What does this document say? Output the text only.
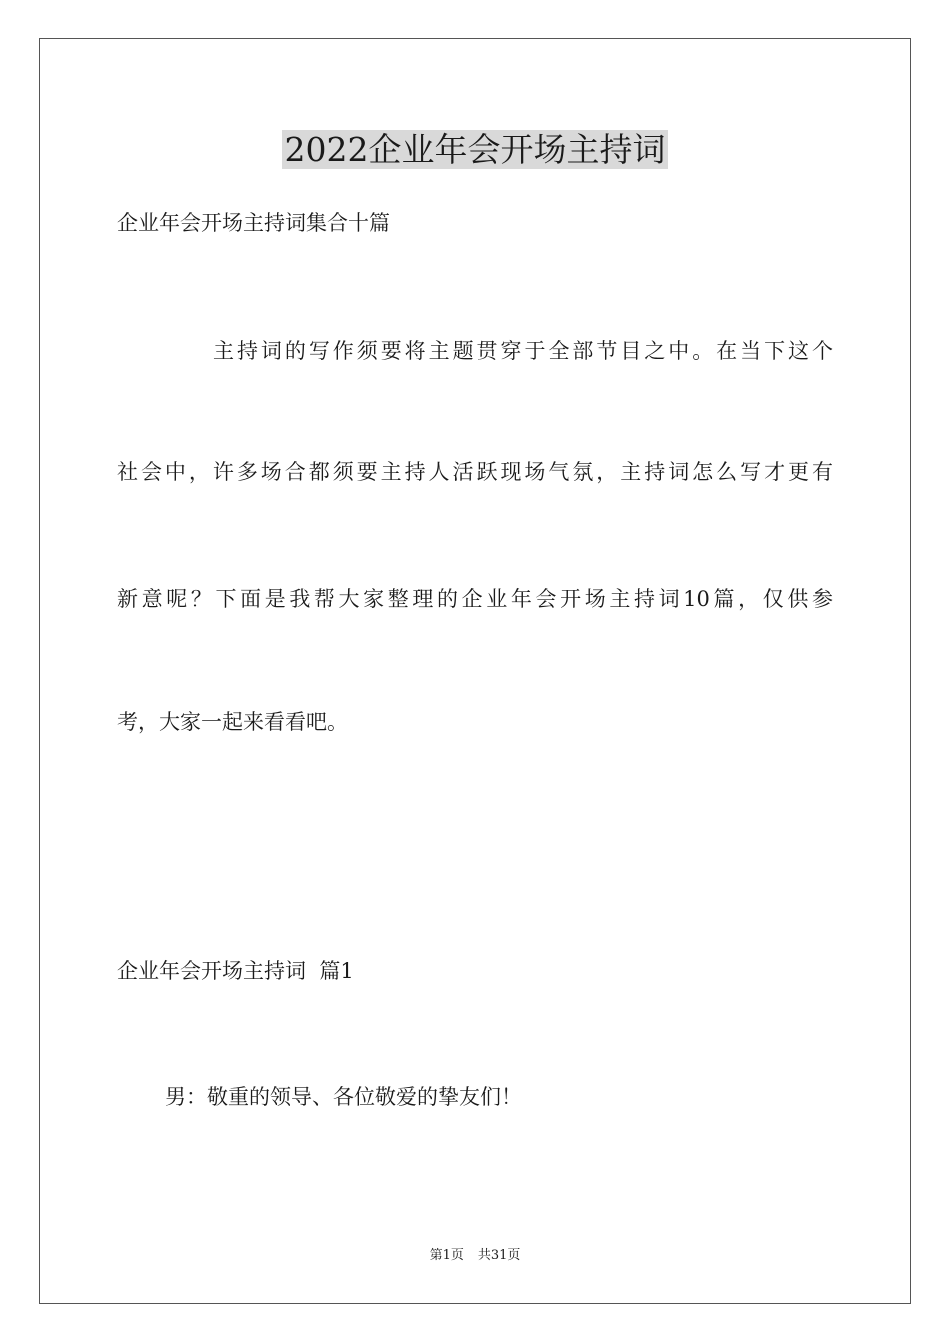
2022企业年会开场主持词

企业年会开场主持词集合十篇

主持词的写作须要将主题贯穿于全部节目之中。在当下这个

社会中，许多场合都须要主持人活跃现场气氛，主持词怎么写才更有

新意呢？下面是我帮大家整理的企业年会开场主持词10篇，仅供参

考，大家一起来看看吧。

企业年会开场主持词  篇1

男：敬重的领导、各位敬爱的挚友们！

第1页 共31页
